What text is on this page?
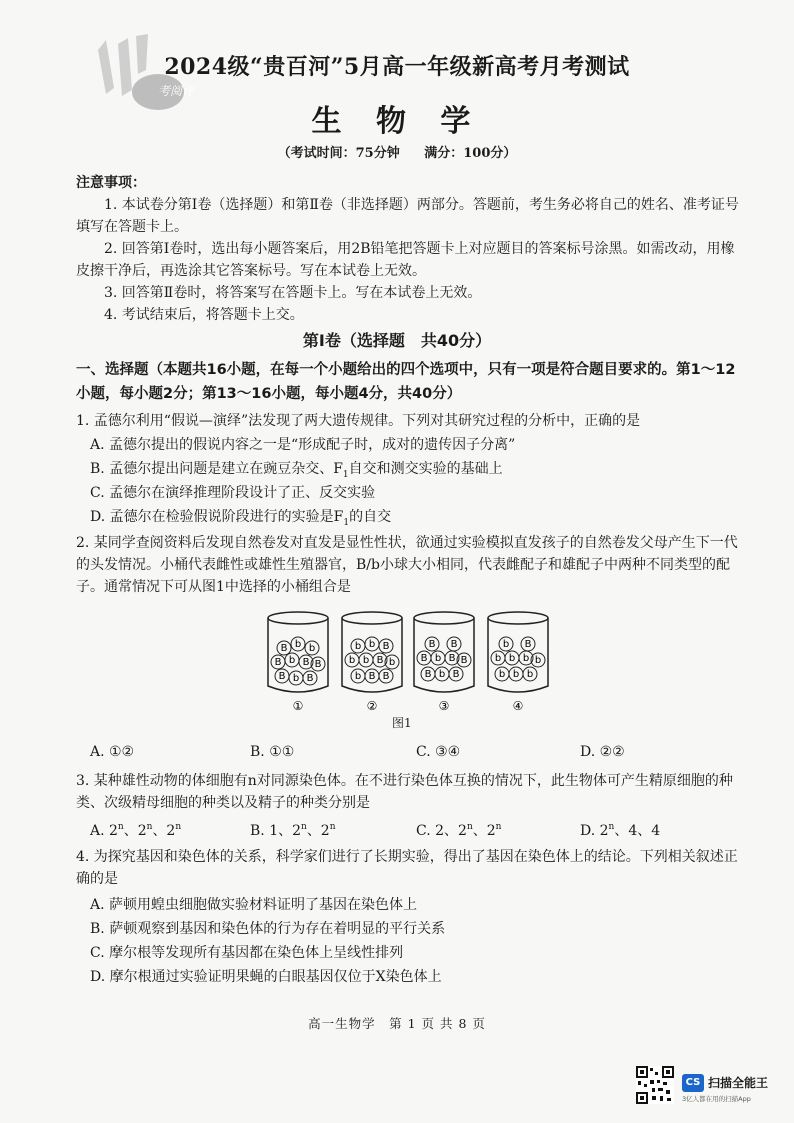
考阅评
2024级“贵百河”5月高一年级新高考月考测试
生 物 学
（考试时间：75分钟 满分：100分）
注意事项：
1. 本试卷分第Ⅰ卷（选择题）和第Ⅱ卷（非选择题）两部分。答题前，考生务必将自己的姓名、准考证号填写在答题卡上。
2. 回答第Ⅰ卷时，选出每小题答案后，用2B铅笔把答题卡上对应题目的答案标号涂黑。如需改动，用橡皮擦干净后，再选涂其它答案标号。写在本试卷上无效。
第Ⅰ卷（选择题　共40分）
一、选择题（本题共16小题，在每一个小题给出的四个选项中，只有一项是符合题目要求的。第1～12小题，每小题2分；第13～16小题，每小题4分，共40分）
1. 孟德尔利用“假说—演绎”法发现了两大遗传规律。下列对其研究过程的分析中，正确的是
A. 孟德尔提出的假说内容之一是“形成配子时，成对的遗传因子分离”
B. 孟德尔提出问题是建立在豌豆杂交、$F_1$自交和测交实验的基础上
C. 孟德尔在演绎推理阶段设计了正、反交实验
D. 孟德尔在检验假说阶段进行的实验是$F_1$的自交
2. 某同学查阅资料后发现自然卷发对直发是显性性状，欲通过实验模拟直发孩子的自然卷发父母产生下一代的头发情况。小桶代表雌性或雄性生殖器官，B/b小球大小相同，代表雌配子和雄配子中两种不同类型的配子。通常情况下可从图1中选择的小桶组合是
B b b
B b B B
B b B
b b B
b b B b
b B B
B B
B b B B
B b B
b B
b b b b
b b b
①	②	③	④
图1
A. ①②	B. ①①	C. ③④	D. ②②
3. 某种雄性动物的体细胞有n对同源染色体。在不进行染色体互换的情况下，此生物体可产生精原细胞的种类、次级精母细胞的种类以及精子的种类分别是
A. 2n、2n、2n	B. 1、2n、2n	C. 2、2n、2n	D. 2n、4、4
4. 为探究基因和染色体的关系，科学家们进行了长期实验，得出了基因在染色体上的结论。下列相关叙述正确的是
A. 萨顿用蝗虫细胞做实验材料证明了基因在染色体上
B. 萨顿观察到基因和染色体的行为存在着明显的平行关系
C. 摩尔根等发现所有基因都在染色体上呈线性排列
D. 摩尔根通过实验证明果蝇的白眼基因仅位于X染色体上
高一生物学　第 1 页 共 8 页
CS 扫描全能王
3亿人都在用的扫描App
3. 回答第Ⅱ卷时，将答案写在答题卡上。写在本试卷上无效。
4. 考试结束后，将答题卡上交。
